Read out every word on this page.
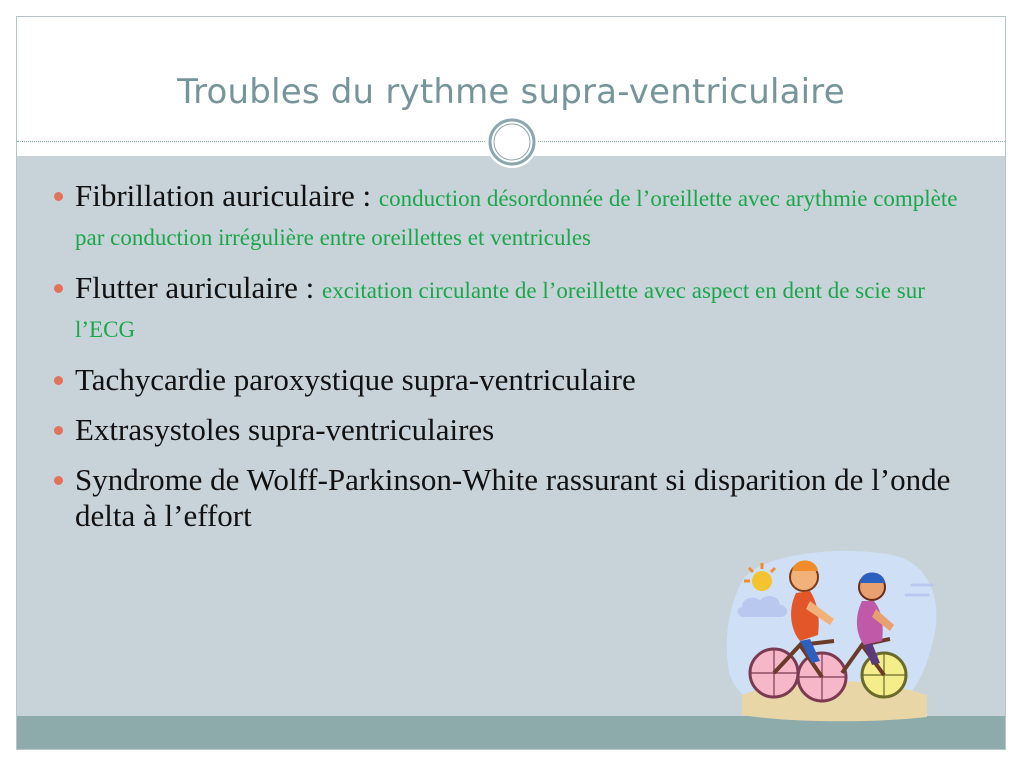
Troubles du rythme supra-ventriculaire
Fibrillation auriculaire : conduction désordonnée de l’oreillette avec arythmie complète par conduction irrégulière entre oreillettes et ventricules
Flutter auriculaire : excitation circulante de l’oreillette avec aspect en dent de scie sur l’ECG
Tachycardie paroxystique supra-ventriculaire
Extrasystoles supra-ventriculaires
Syndrome de Wolff-Parkinson-White rassurant si disparition de l’onde delta à l’effort
